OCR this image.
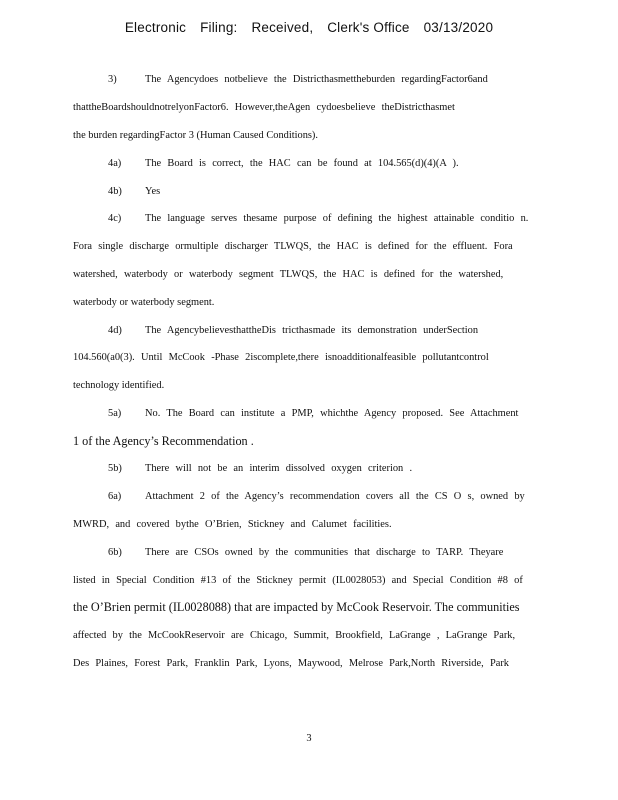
Electronic Filing: Received, Clerk's Office 03/13/2020
3)	The Agencydoes notbelieve the Districthasmettheburden regardingFactor6and
thattheBoardshouldnotrelyonFactor6. However,theAgen cydoesbelieve theDistricthasmet
the burden regardingFactor 3 (Human Caused Conditions).
4a) The Board is correct, the HAC can be found at 104.565(d)(4)(A ).
4b) Yes
4c) The language serves thesame purpose of defining the highest attainable conditio n.
Fora single discharge ormultiple discharger TLWQS, the HAC is defined for the effluent. Fora
watershed, waterbody or waterbody segment TLWQS, the HAC is defined for the watershed,
waterbody or waterbody segment.
4d) The AgencybelievesthattheDis tricthasmade its demonstration underSection
104.560(a0(3). Until McCook -Phase 2iscomplete,there isnoadditionalfeasible pollutantcontrol
technology identified.
5a) No. The Board can institute a PMP, whichthe Agency proposed. See Attachment
1 of the Agency’s Recommendation .
5b) There will not be an interim dissolved oxygen criterion .
6a) Attachment 2 of the Agency’s recommendation covers all the CS O s, owned by
MWRD, and covered bythe O’Brien, Stickney and Calumet facilities.
6b) There are CSOs owned by the communities that discharge to TARP. Theyare
listed in Special Condition #13 of the Stickney permit (IL0028053) and Special Condition #8 of
the O’Brien permit (IL0028088) that are impacted by McCook Reservoir. The communities
affected by the McCookReservoir are Chicago, Summit, Brookfield, LaGrange , LaGrange Park,
Des Plaines, Forest Park, Franklin Park, Lyons, Maywood, Melrose Park,North Riverside, Park
3
